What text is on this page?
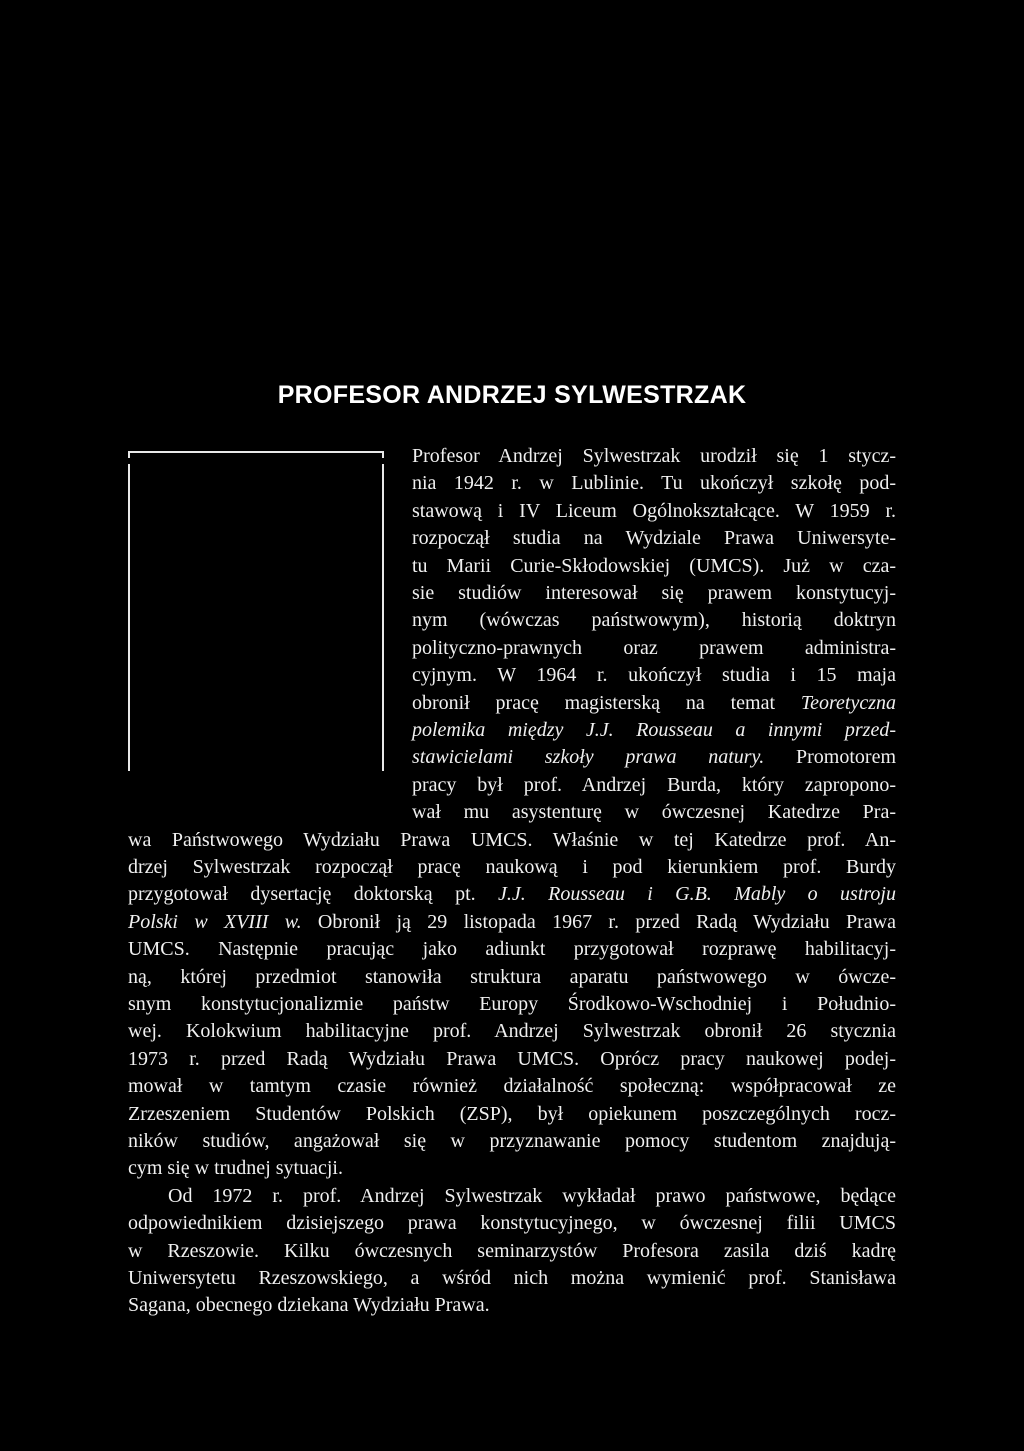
PROFESOR ANDRZEJ SYLWESTRZAK
Profesor Andrzej Sylwestrzak urodził się 1 stycz-
nia 1942 r. w Lublinie. Tu ukończył szkołę pod-
stawową i IV Liceum Ogólnokształcące. W 1959 r.
rozpoczął studia na Wydziale Prawa Uniwersyte-
tu Marii Curie-Skłodowskiej (UMCS). Już w cza-
sie studiów interesował się prawem konstytucyj-
nym (wówczas państwowym), historią doktryn
polityczno-prawnych oraz prawem administra-
cyjnym. W 1964 r. ukończył studia i 15 maja
obronił pracę magisterską na temat Teoretyczna
polemika między J.J. Rousseau a innymi przed-
stawicielami szkoły prawa natury. Promotorem
pracy był prof. Andrzej Burda, który zapropono-
wał mu asystenturę w ówczesnej Katedrze Pra-
wa Państwowego Wydziału Prawa UMCS. Właśnie w tej Katedrze prof. An-
drzej Sylwestrzak rozpoczął pracę naukową i pod kierunkiem prof. Burdy
przygotował dysertację doktorską pt. J.J. Rousseau i G.B. Mably o ustroju
Polski w XVIII w. Obronił ją 29 listopada 1967 r. przed Radą Wydziału Prawa
UMCS. Następnie pracując jako adiunkt przygotował rozprawę habilitacyj-
ną, której przedmiot stanowiła struktura aparatu państwowego w ówcze-
snym konstytucjonalizmie państw Europy Środkowo-Wschodniej i Południo-
wej. Kolokwium habilitacyjne prof. Andrzej Sylwestrzak obronił 26 stycznia
1973 r. przed Radą Wydziału Prawa UMCS. Oprócz pracy naukowej podej-
mował w tamtym czasie również działalność społeczną: współpracował ze
Zrzeszeniem Studentów Polskich (ZSP), był opiekunem poszczególnych rocz-
ników studiów, angażował się w przyznawanie pomocy studentom znajdują-
cym się w trudnej sytuacji.
Od 1972 r. prof. Andrzej Sylwestrzak wykładał prawo państwowe, będące
odpowiednikiem dzisiejszego prawa konstytucyjnego, w ówczesnej filii UMCS
w Rzeszowie. Kilku ówczesnych seminarzystów Profesora zasila dziś kadrę
Uniwersytetu Rzeszowskiego, a wśród nich można wymienić prof. Stanisława
Sagana, obecnego dziekana Wydziału Prawa.
